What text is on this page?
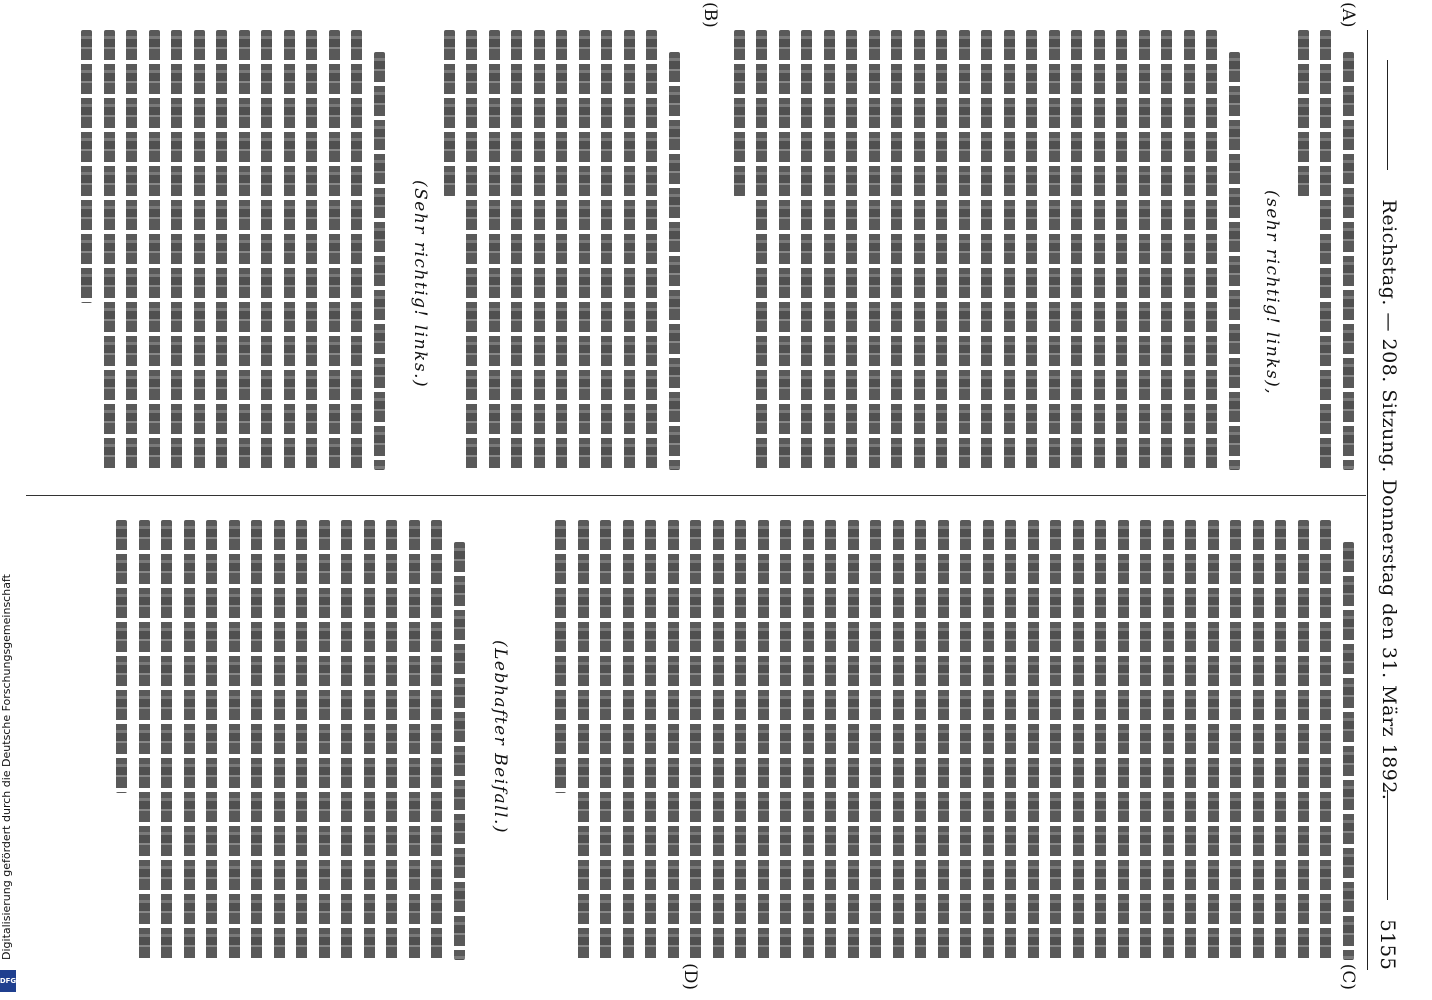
Digitalisierung gefördert durch die Deutsche Forschungsgemeinschaft
DFG
Reichstag. — 208. Sitzung. Donnerstag den 31. März 1892.
5155
(A)
(B)
(sehr richtig! links),
(Sehr richtig! links.)
(C)
(D)
(Lebhafter Beifall.)
